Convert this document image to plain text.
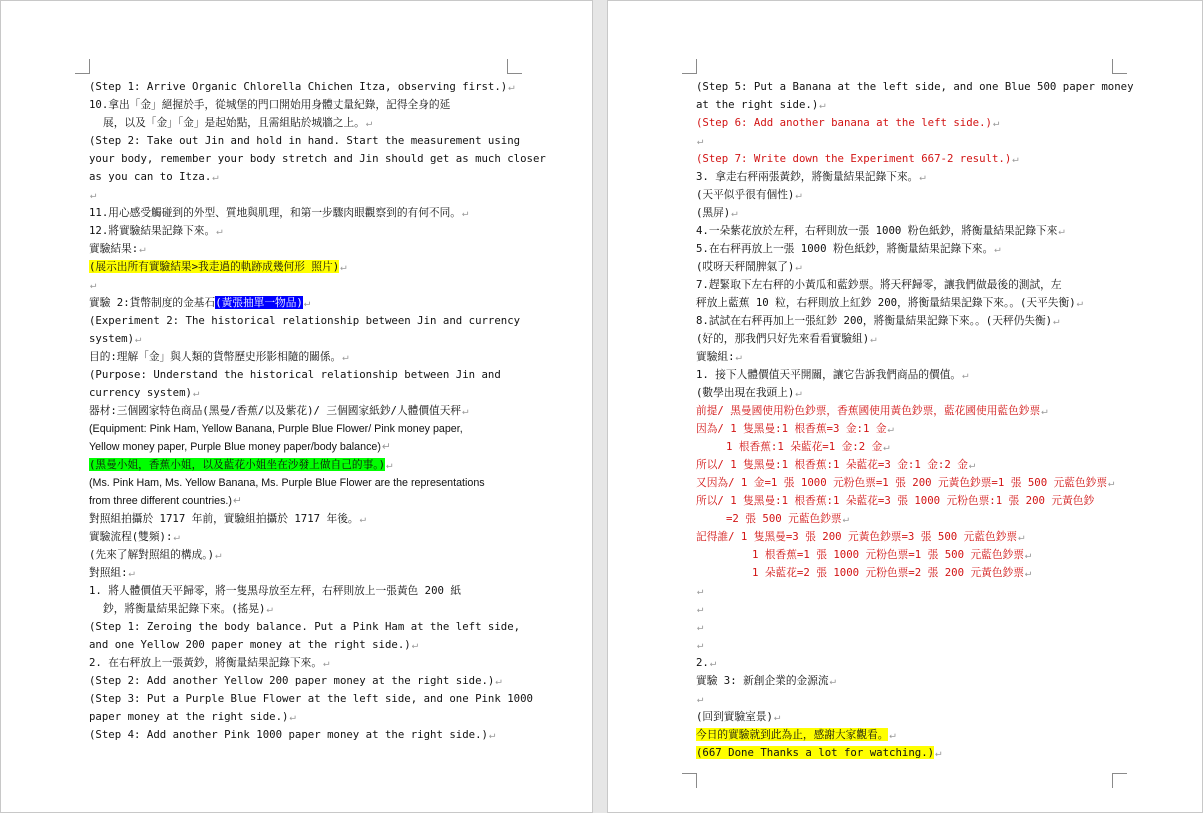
(Step 1: Arrive Organic Chlorella Chichen Itza, observing first.)↵
10.拿出「金」絕握於手，從城堡的門口開始用身體丈量紀錄，記得全身的延
展，以及「金」「金」是起始點，且需組貼於城牆之上。↵
(Step 2: Take out Jin and hold in hand. Start the measurement using
your body, remember your body stretch and Jin should get as much closer
as you can to Itza.↵
↵
11.用心感受觸碰到的外型、質地與肌理，和第一步驟肉眼觀察到的有何不同。↵
12.將實驗結果記錄下來。↵
實驗結果:↵
(展示出所有實驗結果>我走過的軌跡成幾何形 照片)↵
↵
實驗 2:貨幣制度的金基石(黃張抽單一物品)↵
(Experiment 2: The historical relationship between Jin and currency
system)↵
目的:理解「金」與人類的貨幣歷史形影相隨的關係。↵
(Purpose: Understand the historical relationship between Jin and
currency system)↵
器材:三個國家特色商品(黑曼/香蕉/以及紫花)/ 三個國家紙鈔/人體價值天秤↵
(Equipment: Pink Ham, Yellow Banana, Purple Blue Flower/ Pink money paper,
Yellow money paper, Purple Blue money paper/body balance)↵
(黑曼小姐，香蕉小姐，以及藍花小姐坐在沙發上做自己的事。)↵
(Ms. Pink Ham, Ms. Yellow Banana, Ms. Purple Blue Flower are the representations
from three different countries.)↵
對照組拍攝於 1717 年前，實驗組拍攝於 1717 年後。↵
實驗流程(雙頻):↵
(先來了解對照組的構成。)↵
對照組:↵
1. 將人體價值天平歸零，將一隻黑母放至左秤，右秤則放上一張黃色 200 紙
鈔，將衡量結果記錄下來。(搖晃)↵
(Step 1: Zeroing the body balance. Put a Pink Ham at the left side,
and one Yellow 200 paper money at the right side.)↵
2. 在右秤放上一張黃鈔，將衡量結果記錄下來。↵
(Step 2: Add another Yellow 200 paper money at the right side.)↵
(Step 3: Put a Purple Blue Flower at the left side, and one Pink 1000
paper money at the right side.)↵
(Step 4: Add another Pink 1000 paper money at the right side.)↵
(Step 5: Put a Banana at the left side, and one Blue 500 paper money
at the right side.)↵
(Step 6: Add another banana at the left side.)↵
↵
(Step 7: Write down the Experiment 667-2 result.)↵
3. 拿走右秤兩張黃鈔，將衡量結果記錄下來。↵
(天平似乎很有個性)↵
(黑屏)↵
4.一朵紫花放於左秤，右秤則放一張 1000 粉色紙鈔，將衡量結果記錄下來↵
5.在右秤再放上一張 1000 粉色紙鈔，將衡量結果記錄下來。↵
(哎呀天秤鬧脾氣了)↵
7.趕緊取下左右秤的小黃瓜和藍鈔票。將天秤歸零，讓我們做最後的測試，左
秤放上藍蕉 10 粒，右秤則放上紅鈔 200，將衡量結果記錄下來。。(天平失衡)↵
8.試試在右秤再加上一張紅鈔 200，將衡量結果記錄下來。。(天秤仍失衡)↵
(好的，那我們只好先來看看實驗組)↵
實驗組:↵
1. 接下人體價值天平開關，讓它告訴我們商品的價值。↵
(數學出現在我頭上)↵
前提/ 黑曼國使用粉色鈔票，香蕉國使用黃色鈔票，藍花國使用藍色鈔票↵
因為/ 1 隻黑曼:1 根香蕉=3 金:1 金↵
1 根香蕉:1 朵藍花=1 金:2 金↵
所以/ 1 隻黑曼:1 根香蕉:1 朵藍花=3 金:1 金:2 金↵
又因為/ 1 金=1 張 1000 元粉色票=1 張 200 元黃色鈔票=1 張 500 元藍色鈔票↵
所以/ 1 隻黑曼:1 根香蕉:1 朵藍花=3 張 1000 元粉色票:1 張 200 元黃色鈔
=2 張 500 元藍色鈔票↵
記得誰/ 1 隻黑曼=3 張 200 元黃色鈔票=3 張 500 元藍色鈔票↵
1 根香蕉=1 張 1000 元粉色票=1 張 500 元藍色鈔票↵
1 朵藍花=2 張 1000 元粉色票=2 張 200 元黃色鈔票↵
↵
↵
↵
↵
2.↵
實驗 3: 新創企業的金源流↵
↵
(回到實驗室景)↵
今日的實驗就到此為止，感謝大家觀看。↵
(667 Done Thanks a lot for watching.)↵
